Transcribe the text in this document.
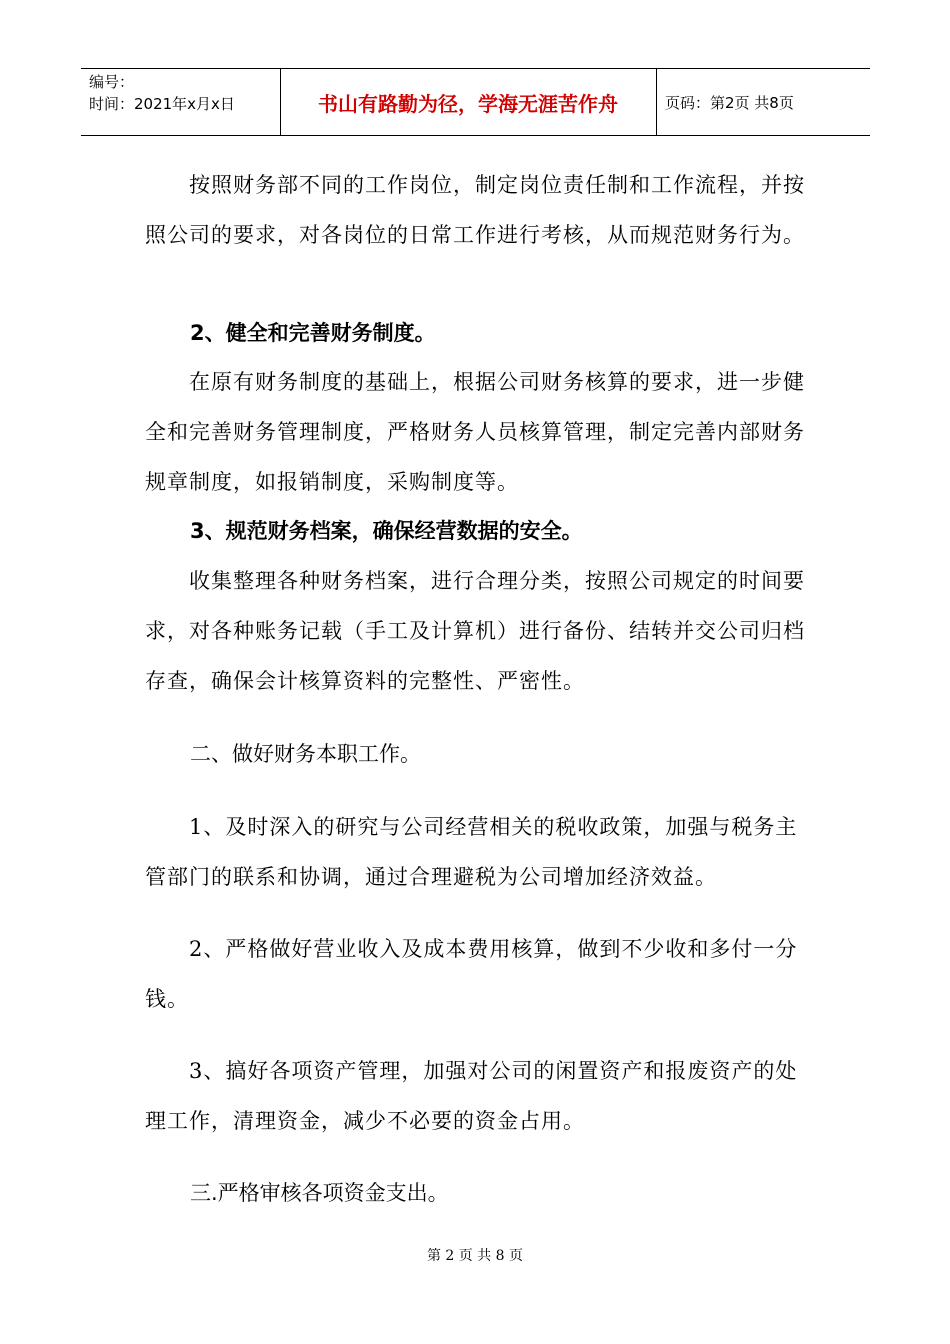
编号：
时间：2021年x月x日	书山有路勤为径，学海无涯苦作舟	页码：第2页 共8页

按照财务部不同的工作岗位，制定岗位责任制和工作流程，并按照公司的要求，对各岗位的日常工作进行考核，从而规范财务行为。

2、健全和完善财务制度。

在原有财务制度的基础上，根据公司财务核算的要求，进一步健全和完善财务管理制度，严格财务人员核算管理，制定完善内部财务规章制度，如报销制度，采购制度等。

3、规范财务档案，确保经营数据的安全。

收集整理各种财务档案，进行合理分类，按照公司规定的时间要求，对各种账务记载（手工及计算机）进行备份、结转并交公司归档存查，确保会计核算资料的完整性、严密性。

二、做好财务本职工作。

1、及时深入的研究与公司经营相关的税收政策，加强与税务主管部门的联系和协调，通过合理避税为公司增加经济效益。

2、严格做好营业收入及成本费用核算，做到不少收和多付一分钱。

3、搞好各项资产管理，加强对公司的闲置资产和报废资产的处理工作，清理资金，减少不必要的资金占用。

三.严格审核各项资金支出。

第 2 页 共 8 页
